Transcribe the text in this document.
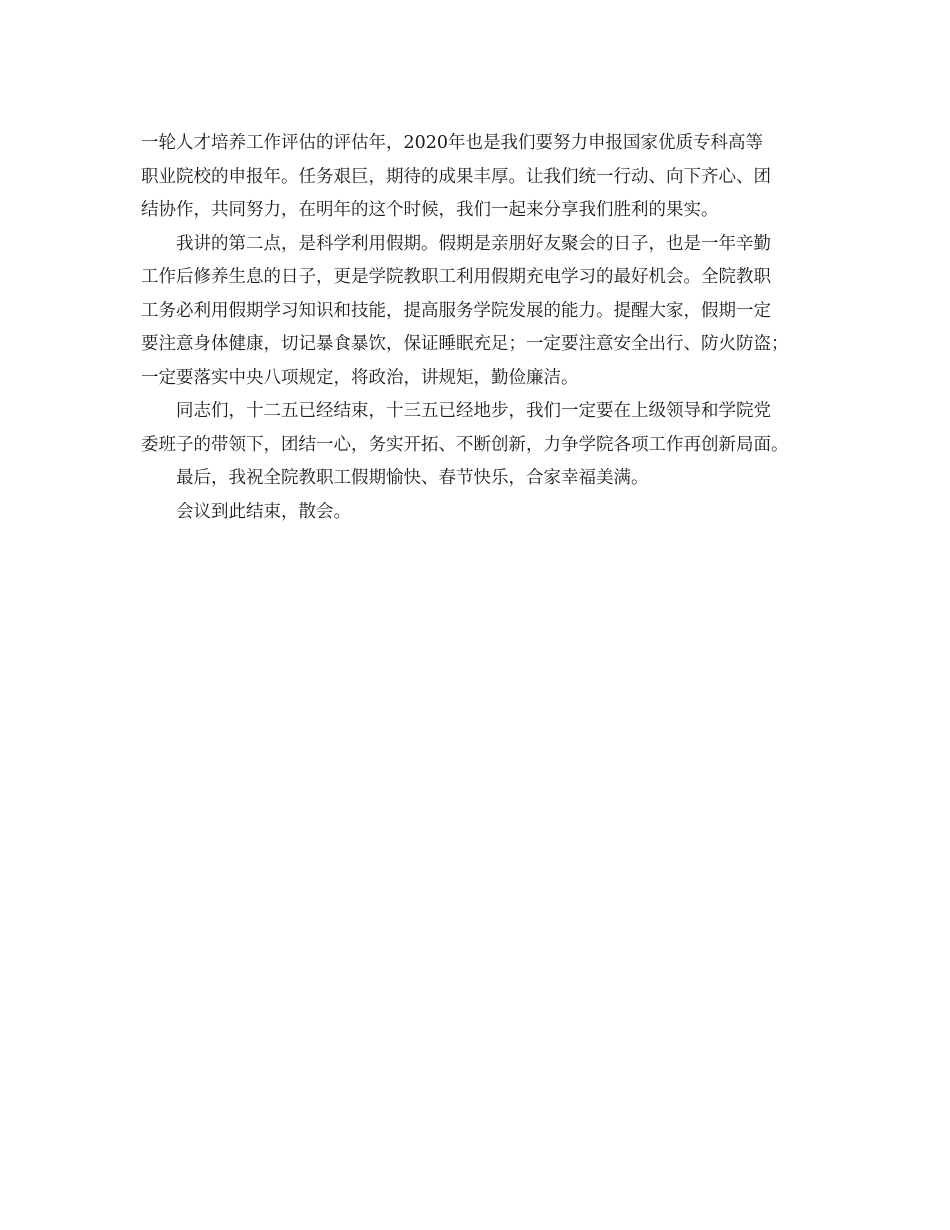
一轮人才培养工作评估的评估年，2020年也是我们要努力申报国家优质专科高等
职业院校的申报年。任务艰巨，期待的成果丰厚。让我们统一行动、向下齐心、团
结协作，共同努力，在明年的这个时候，我们一起来分享我们胜利的果实。
我讲的第二点，是科学利用假期。假期是亲朋好友聚会的日子，也是一年辛勤
工作后修养生息的日子，更是学院教职工利用假期充电学习的最好机会。全院教职
工务必利用假期学习知识和技能，提高服务学院发展的能力。提醒大家，假期一定
要注意身体健康，切记暴食暴饮，保证睡眠充足；一定要注意安全出行、防火防盗；
一定要落实中央八项规定，将政治，讲规矩，勤俭廉洁。
同志们，十二五已经结束，十三五已经地步，我们一定要在上级领导和学院党
委班子的带领下，团结一心，务实开拓、不断创新，力争学院各项工作再创新局面。
最后，我祝全院教职工假期愉快、春节快乐，合家幸福美满。
会议到此结束，散会。
